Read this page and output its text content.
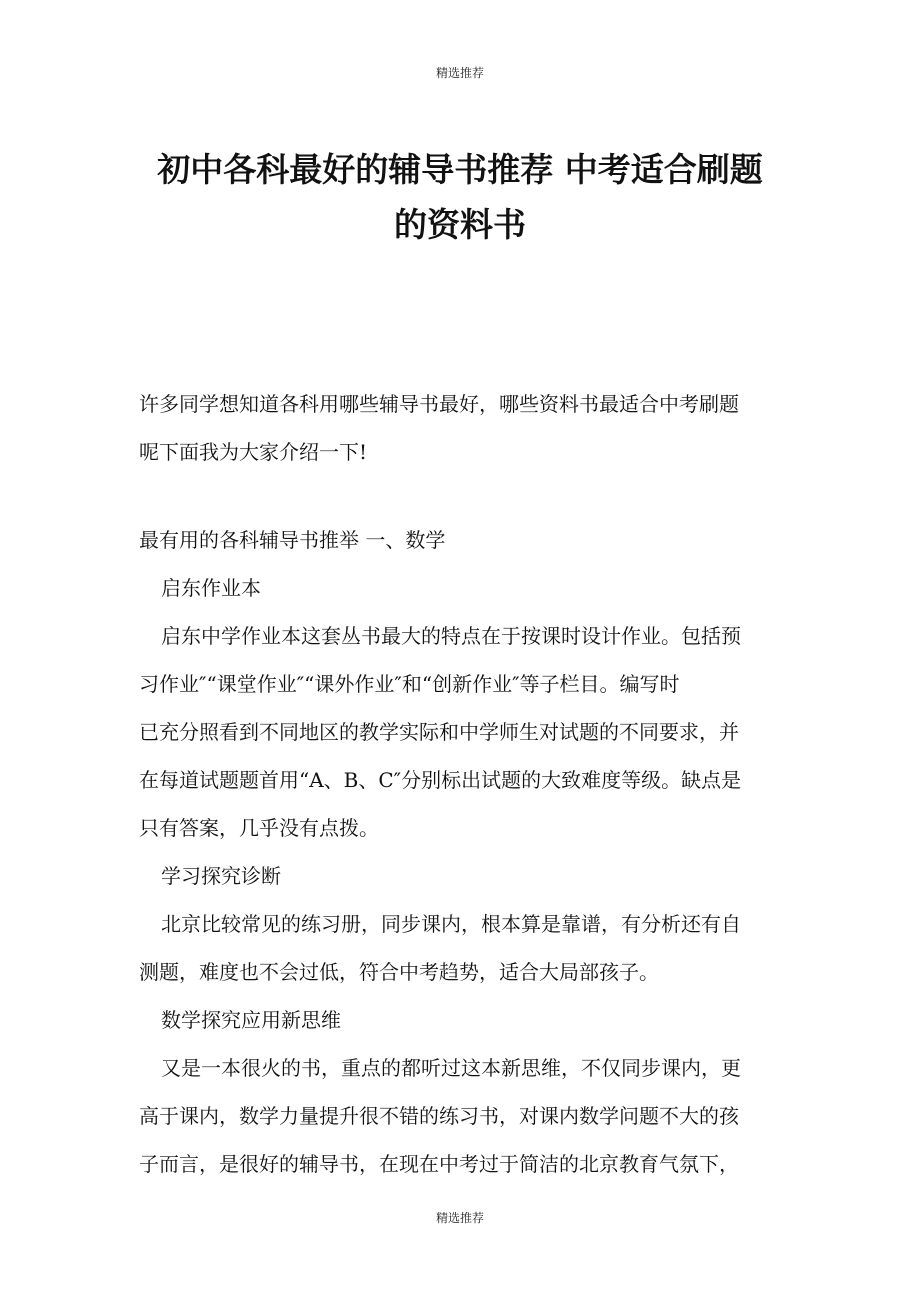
精选推荐
初中各科最好的辅导书推荐 中考适合刷题
的资料书
许多同学想知道各科用哪些辅导书最好，哪些资料书最适合中考刷题
呢下面我为大家介绍一下!
最有用的各科辅导书推举 一、数学
启东作业本
启东中学作业本这套丛书最大的特点在于按课时设计作业。包括预
习作业″“课堂作业″“课外作业″和“创新作业″等子栏目。编写时
已充分照看到不同地区的教学实际和中学师生对试题的不同要求，并
在每道试题题首用“A、B、C″分别标出试题的大致难度等级。缺点是
只有答案，几乎没有点拨。
学习探究诊断
北京比较常见的练习册，同步课内，根本算是靠谱，有分析还有自
测题，难度也不会过低，符合中考趋势，适合大局部孩子。
数学探究应用新思维
又是一本很火的书，重点的都听过这本新思维，不仅同步课内，更
高于课内，数学力量提升很不错的练习书，对课内数学问题不大的孩
子而言，是很好的辅导书，在现在中考过于简洁的北京教育气氛下，
精选推荐
